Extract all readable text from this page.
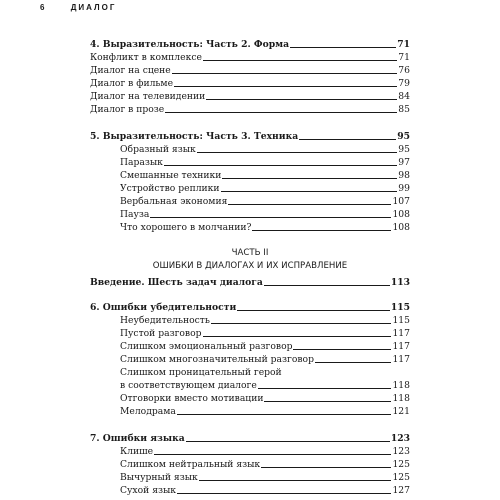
6	ДИАЛОГ
4. Выразительность: Часть 2. Форма	71
Конфликт в комплексе	71
Диалог на сцене	76
Диалог в фильме	79
Диалог на телевидении	84
Диалог в прозе	85
5. Выразительность: Часть 3. Техника	95
Образный язык	95
Паразык	97
Смешанные техники	98
Устройство реплики	99
Вербальная экономия	107
Пауза	108
Что хорошего в молчании?	108
ЧАСТЬ II
ОШИБКИ В ДИАЛОГАХ И ИХ ИСПРАВЛЕНИЕ
Введение. Шесть задач диалога	113
6. Ошибки убедительности	115
Неубедительность	115
Пустой разговор	117
Слишком эмоциональный разговор	117
Слишком многозначительный разговор	117
Слишком проницательный герой
в соответствующем диалоге	118
Отговорки вместо мотивации	118
Мелодрама	121
7. Ошибки языка	123
Клише	123
Слишком нейтральный язык	125
Вычурный язык	125
Сухой язык	127
